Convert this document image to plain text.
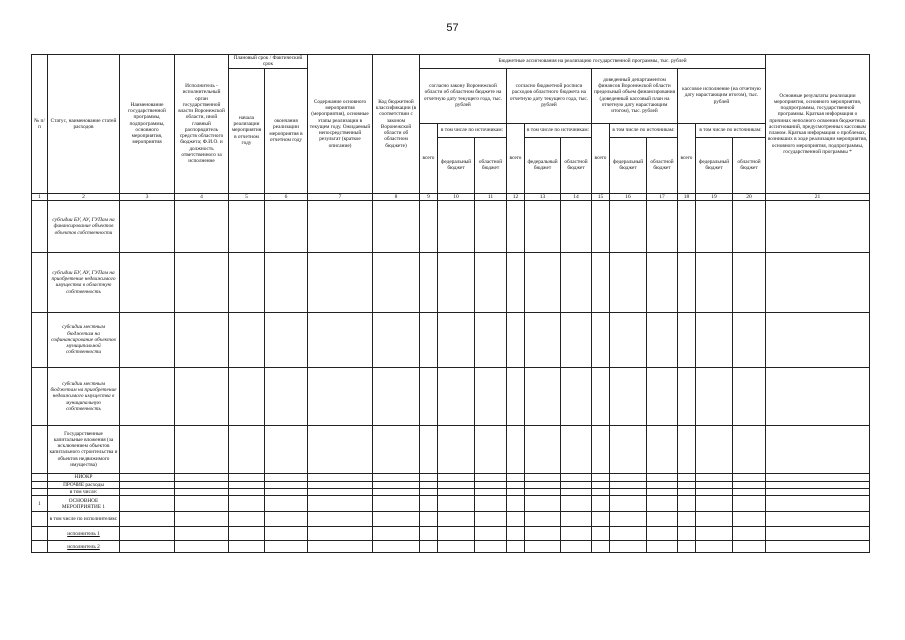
57
№ п/п	Статус, наименование статей расходов	Наименование государственной программы, подпрограммы, основного мероприятия, мероприятия	Исполнитель - исполнительный орган государственной власти Воронежской области, иной главный распорядитель средств областного бюджета; Ф.И.О. и должность ответственного за исполнение	Плановый срок / Фактический срок		Содержание основного мероприятия (мероприятия), основные этапы реализации в текущем году. Ожидаемый непосредственный результат (краткое описание)	Код бюджетной классификации (в соответствии с законом Воронежской области об областном бюджете)	Бюджетные ассигнования на реализацию государственной программы, тыс. рублей												Основные результаты реализации мероприятия, основного мероприятия, подпрограммы, государственной программы. Краткая информация о причинах неполного освоения бюджетных ассигнований, предусмотренных кассовым планом. Краткая информация о проблемах, возникших в ходе реализации мероприятия, основного мероприятия, подпрограммы, государственной программы *
				начала реализации мероприятия в отчетном году	окончания реализации мероприятия в отчетном году			согласно закону Воронежской области об областном бюджете на отчетную дату текущего года, тыс. рублей			согласно бюджетной росписи расходов областного бюджета на отчетную дату текущего года, тыс. рублей			доведенный департаментом финансов Воронежской области предельный объем финансирования (доведенный кассовый план на отчетную дату нарастающим итогом), тыс. рублей			кассовое исполнение (на отчетную дату нарастающим итогом), тыс. рублей			
								всего	в том числе по источникам:		всего	в том числе по источникам:		всего	в том числе по источникам:		всего	в том числе по источникам:		
									федеральный бюджет	областной бюджет		федеральный бюджет	областной бюджет		федеральный бюджет	областной бюджет		федеральный бюджет	областной бюджет	
1	2	3	4	5	6	7	8	9	10	11	12	13	14	15	16	17	18	19	20	21
	субсидии БУ, АУ, ГУПам на финансирование объектов объектов собственности																			
	субсидии БУ, АУ, ГУПам на приобретение недвижимого имущества в областную собственность																			
	субсидии местным бюджетам на софинансирование объектов муниципальной собственности																			
	субсидии местным бюджетам на приобретение недвижимого имущества в муниципальную собственность																			
	Государственные капитальные вложения (за исключением объектов капитального строительства и объектов недвижимого имущества)																			
	НИОКР																			
	ПРОЧИЕ расходы																			
	в том числе:																			
1	ОСНОВНОЕ МЕРОПРИЯТИЕ 1																			
	в том числе по исполнителям:																			
	исполнитель 1																			
	исполнитель 2																			
